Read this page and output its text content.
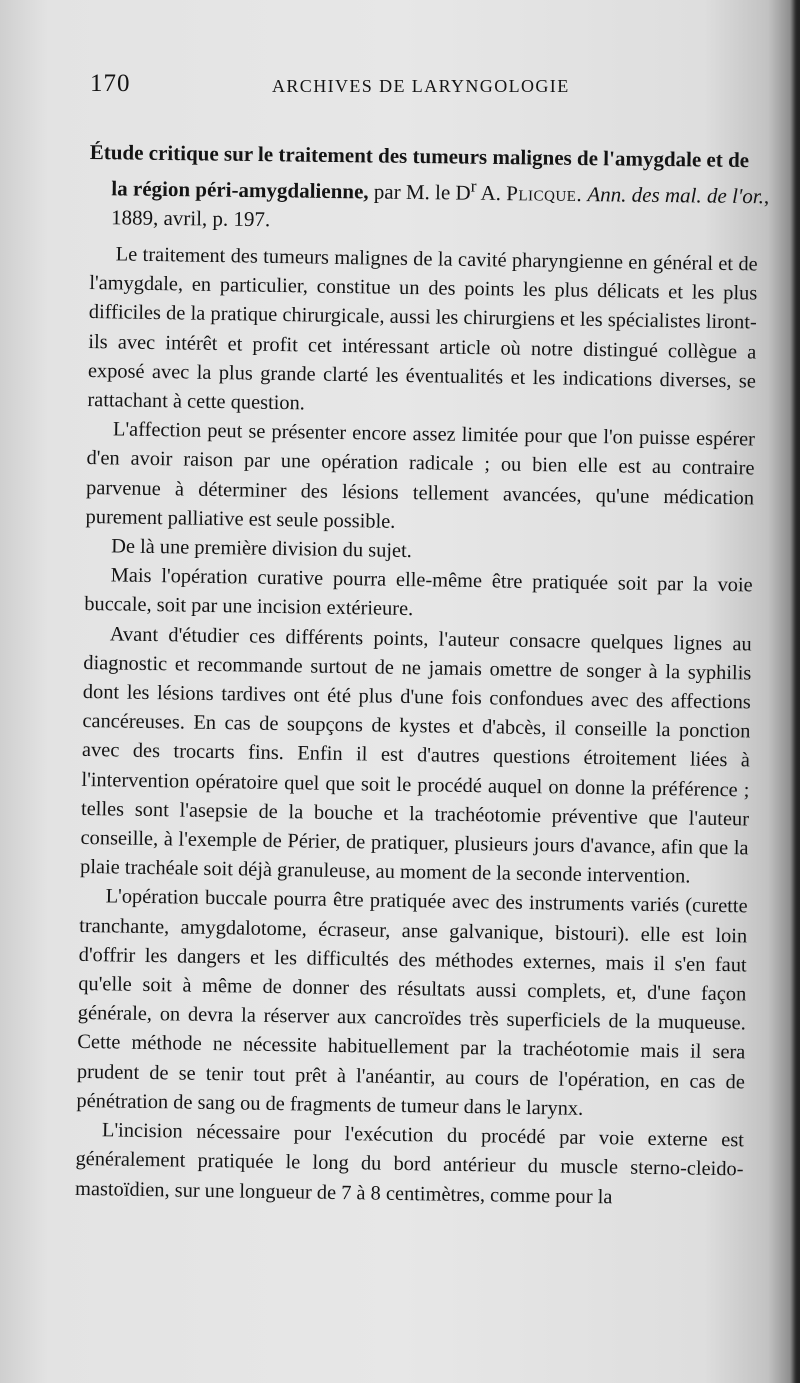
170	ARCHIVES DE LARYNGOLOGIE

Étude critique sur le traitement des tumeurs malignes de l'amygdale et de la région péri-amygdalienne, par M. le $D^r$ A. Plicque. Ann. des mal. de l'or., 1889, avril, p. 197.

Le traitement des tumeurs malignes de la cavité pharyngienne en général et de l'amygdale, en particulier, constitue un des points les plus délicats et les plus difficiles de la pratique chirurgicale, aussi les chirurgiens et les spécialistes liront-ils avec intérêt et profit cet intéressant article où notre distingué collègue a exposé avec la plus grande clarté les éventualités et les indications diverses, se rattachant à cette question.

L'affection peut se présenter encore assez limitée pour que l'on puisse espérer d'en avoir raison par une opération radicale ; ou bien elle est au contraire parvenue à déterminer des lésions tellement avancées, qu'une médication purement palliative est seule possible.

De là une première division du sujet.

Mais l'opération curative pourra elle-même être pratiquée soit par la voie buccale, soit par une incision extérieure.

Avant d'étudier ces différents points, l'auteur consacre quelques lignes au diagnostic et recommande surtout de ne jamais omettre de songer à la syphilis dont les lésions tardives ont été plus d'une fois confondues avec des affections cancéreuses. En cas de soupçons de kystes et d'abcès, il conseille la ponction avec des trocarts fins. Enfin il est d'autres questions étroitement liées à l'intervention opératoire quel que soit le procédé auquel on donne la préférence ; telles sont l'asepsie de la bouche et la trachéotomie préventive que l'auteur conseille, à l'exemple de Périer, de pratiquer, plusieurs jours d'avance, afin que la plaie trachéale soit déjà granuleuse, au moment de la seconde intervention.

L'opération buccale pourra être pratiquée avec des instruments variés (curette tranchante, amygdalotome, écraseur, anse galvanique, bistouri). elle est loin d'offrir les dangers et les difficultés des méthodes externes, mais il s'en faut qu'elle soit à même de donner des résultats aussi complets, et, d'une façon générale, on devra la réserver aux cancroïdes très superficiels de la muqueuse. Cette méthode ne nécessite habituellement par la trachéotomie mais il sera prudent de se tenir tout prêt à l'anéantir, au cours de l'opération, en cas de pénétration de sang ou de fragments de tumeur dans le larynx.

L'incision nécessaire pour l'exécution du procédé par voie externe est généralement pratiquée le long du bord antérieur du muscle sterno-cleido-mastoïdien, sur une longueur de 7 à 8 centimètres, comme pour la
